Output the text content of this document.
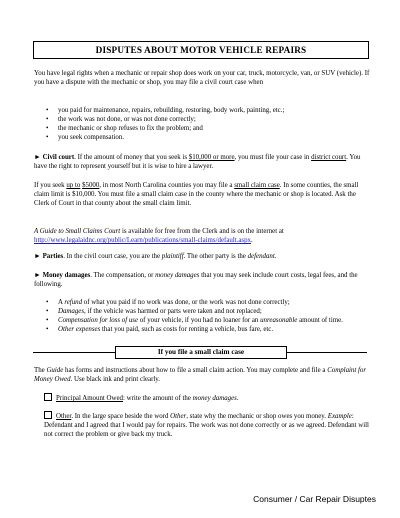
DISPUTES ABOUT MOTOR VEHICLE REPAIRS

You have legal rights when a mechanic or repair shop does work on your car, truck, motorcycle, van, or SUV (vehicle). If you have a dispute with the mechanic or shop, you may file a civil court case when

• you paid for maintenance, repairs, rebuilding, restoring, body work, painting, etc.;
• the work was not done, or was not done correctly;
• the mechanic or shop refuses to fix the problem; and
• you seek compensation.

► Civil court. If the amount of money that you seek is $10,000 or more, you must file your case in district court. You have the right to represent yourself but it is wise to hire a lawyer.

If you seek up to $5000, in most North Carolina counties you may file a small claim case. In some counties, the small claim limit is $10,000. You must file a small claim case in the county where the mechanic or shop is located. Ask the Clerk of Court in that county about the small claim limit.

A Guide to Small Claims Court is available for free from the Clerk and is on the internet at
http://www.legalaidnc.org/public/Learn/publications/small-claims/default.aspx.

► Parties. In the civil court case, you are the plaintiff. The other party is the defendant.

► Money damages. The compensation, or money damages that you may seek include court costs, legal fees, and the following.

• A refund of what you paid if no work was done, or the work was not done correctly;
• Damages, if the vehicle was harmed or parts were taken and not replaced;
• Compensation for loss of use of your vehicle, if you had no loaner for an unreasonable amount of time.
• Other expenses that you paid, such as costs for renting a vehicle, bus fare, etc.
If you file a small claim case

The Guide has forms and instructions about how to file a small claim action. You may complete and file a Complaint for Money Owed. Use black ink and print clearly.

Principal Amount Owed: write the amount of the money damages.

Other. In the large space beside the word Other, state why the mechanic or shop owes you money. Example: Defendant and I agreed that I would pay for repairs. The work was not done correctly or as we agreed. Defendant will not correct the problem or give back my truck.

Consumer / Car Repair Disuptes
